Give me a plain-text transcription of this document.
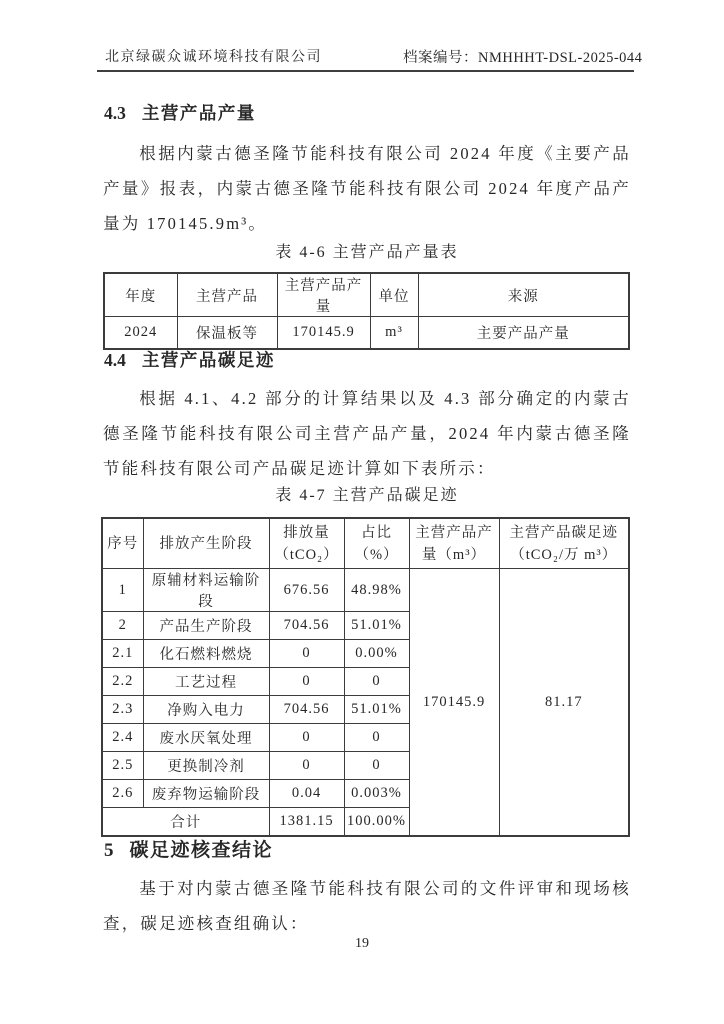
北京绿碳众诚环境科技有限公司	档案编号：NMHHHT-DSL-2025-044
4.3 主营产品产量
根据内蒙古德圣隆节能科技有限公司 2024 年度《主要产品产量》报表，内蒙古德圣隆节能科技有限公司 2024 年度产品产量为 170145.9m³。
表 4-6 主营产品产量表
年度	主营产品	主营产品产量	单位	来源
2024	保温板等	170145.9	m³	主要产品产量
4.4 主营产品碳足迹
根据 4.1、4.2 部分的计算结果以及 4.3 部分确定的内蒙古德圣隆节能科技有限公司主营产品产量，2024 年内蒙古德圣隆节能科技有限公司产品碳足迹计算如下表所示：
表 4-7 主营产品碳足迹
序号	排放产生阶段	排放量（tCO₂）	占比（%）	主营产品产量（m³）	主营产品碳足迹（tCO₂/万 m³）
1	原辅材料运输阶段	676.56	48.98%	170145.9	81.17
2	产品生产阶段	704.56	51.01%		
2.1	化石燃料燃烧	0	0.00%		
2.2	工艺过程	0	0		
2.3	净购入电力	704.56	51.01%		
2.4	废水厌氧处理	0	0		
2.5	更换制冷剂	0	0		
2.6	废弃物运输阶段	0.04	0.003%		
合计		1381.15	100.00%		
5 碳足迹核查结论
基于对内蒙古德圣隆节能科技有限公司的文件评审和现场核查，碳足迹核查组确认：
19
